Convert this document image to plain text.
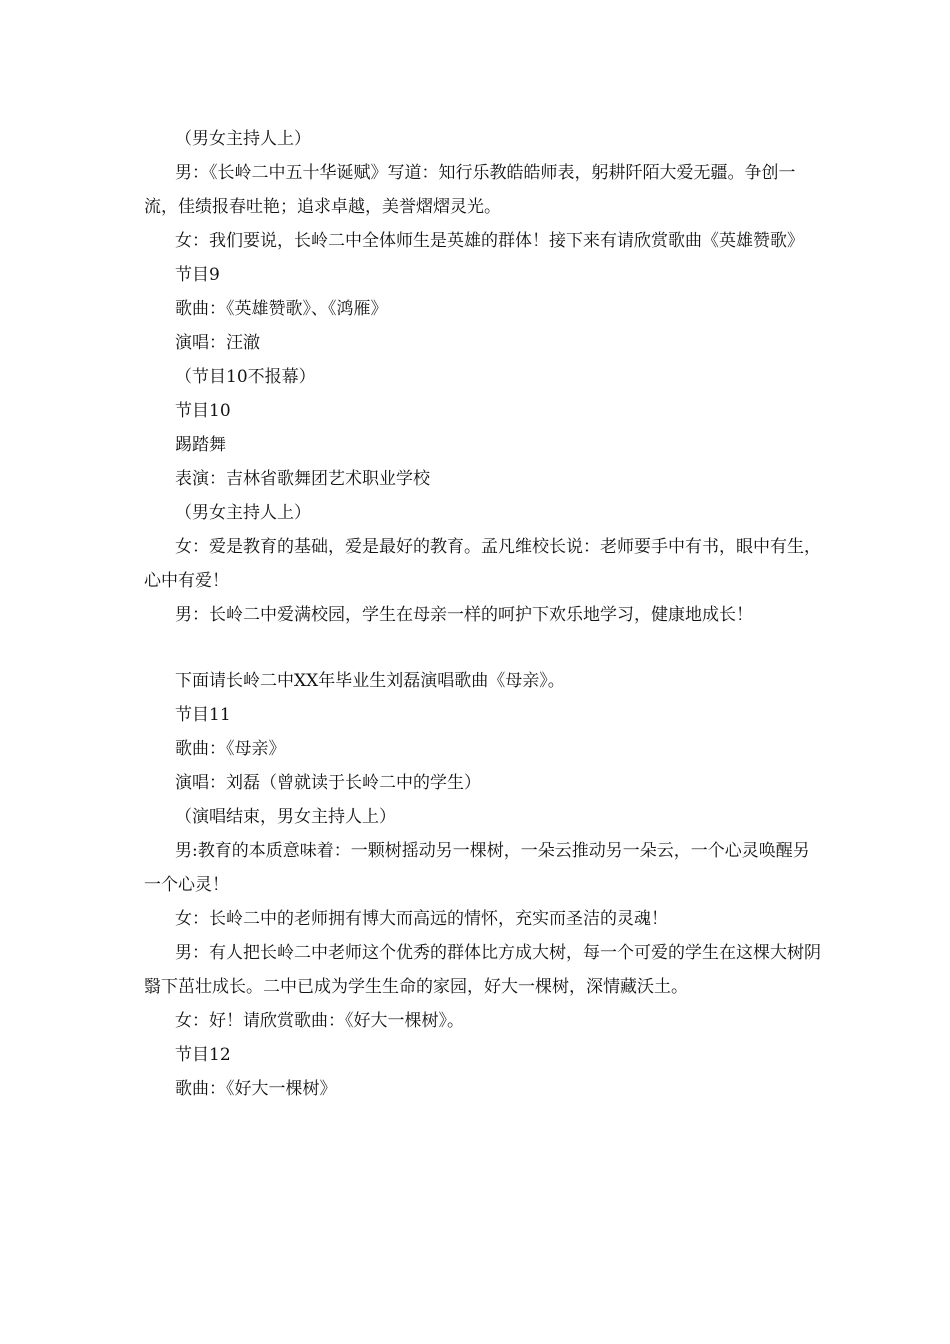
（男女主持人上）

男：《长岭二中五十华诞赋》写道：知行乐教皓皓师表，躬耕阡陌大爱无疆。争创一流，佳绩报春吐艳；追求卓越，美誉熠熠灵光。

女：我们要说，长岭二中全体师生是英雄的群体！接下来有请欣赏歌曲《英雄赞歌》

节目9

歌曲：《英雄赞歌》、《鸿雁》

演唱：汪澈

（节目10不报幕）

节目10

踢踏舞

表演：吉林省歌舞团艺术职业学校

（男女主持人上）

女：爱是教育的基础，爱是最好的教育。孟凡维校长说：老师要手中有书，眼中有生，心中有爱！

男：长岭二中爱满校园，学生在母亲一样的呵护下欢乐地学习，健康地成长！

下面请长岭二中XX年毕业生刘磊演唱歌曲《母亲》。

节目11

歌曲：《母亲》

演唱：刘磊（曾就读于长岭二中的学生）

（演唱结束，男女主持人上）

男:教育的本质意味着：一颗树摇动另一棵树，一朵云推动另一朵云，一个心灵唤醒另一个心灵！

女：长岭二中的老师拥有博大而高远的情怀，充实而圣洁的灵魂！

男：有人把长岭二中老师这个优秀的群体比方成大树，每一个可爱的学生在这棵大树阴翳下茁壮成长。二中已成为学生生命的家园，好大一棵树，深情藏沃土。

女：好！请欣赏歌曲：《好大一棵树》。

节目12

歌曲：《好大一棵树》
